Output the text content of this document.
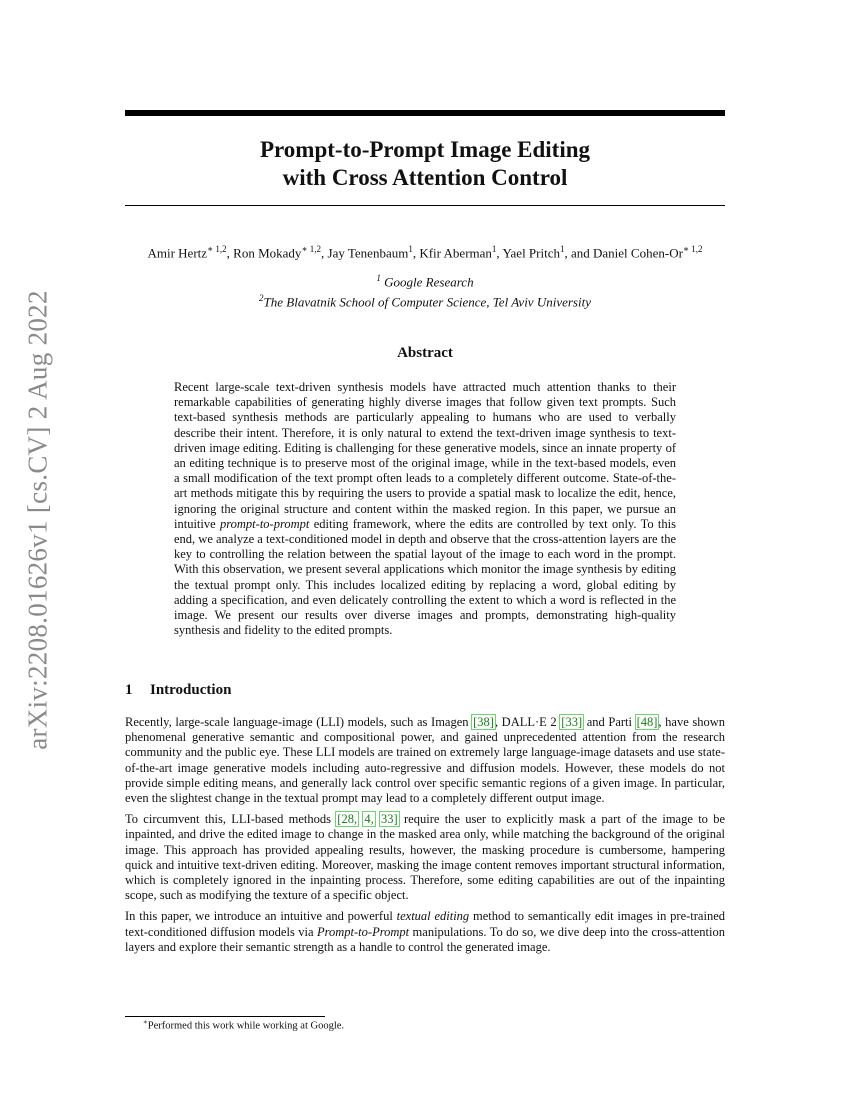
arXiv:2208.01626v1 [cs.CV] 2 Aug 2022
Prompt-to-Prompt Image Editing
with Cross Attention Control
Amir Hertz$^{∗ 1,2}$, Ron Mokady$^{∗ 1,2}$, Jay Tenenbaum$^1$, Kfir Aberman$^1$, Yael Pritch$^1$, and Daniel Cohen-$Or^{∗ 1,2}$
$^1$ Google Research
$^2$The Blavatnik School of Computer Science, Tel Aviv University
Abstract
Recent large-scale text-driven synthesis models have attracted much attention thanks to their remarkable capabilities of generating highly diverse images that follow given text prompts. Such text-based synthesis methods are particularly appealing to humans who are used to verbally describe their intent. Therefore, it is only natural to extend the text-driven image synthesis to text-driven image editing. Editing is challenging for these generative models, since an innate property of an editing technique is to preserve most of the original image, while in the text-based models, even a small modification of the text prompt often leads to a completely different outcome. State-of-the-art methods mitigate this by requiring the users to provide a spatial mask to localize the edit, hence, ignoring the original structure and content within the masked region. In this paper, we pursue an intuitive prompt-to-prompt editing framework, where the edits are controlled by text only. To this end, we analyze a text-conditioned model in depth and observe that the cross-attention layers are the key to controlling the relation between the spatial layout of the image to each word in the prompt. With this observation, we present several applications which monitor the image synthesis by editing the textual prompt only. This includes localized editing by replacing a word, global editing by adding a specification, and even delicately controlling the extent to which a word is reflected in the image. We present our results over diverse images and prompts, demonstrating high-quality synthesis and fidelity to the edited prompts.
1 Introduction

Recently, large-scale language-image (LLI) models, such as Imagen [38], DALL·E 2 [33] and Parti [48], have shown phenomenal generative semantic and compositional power, and gained unprecedented attention from the research community and the public eye. These LLI models are trained on extremely large language-image datasets and use state-of-the-art image generative models including auto-regressive and diffusion models. However, these models do not provide simple editing means, and generally lack control over specific semantic regions of a given image. In particular, even the slightest change in the textual prompt may lead to a completely different output image.

To circumvent this, LLI-based methods [28, 4, 33] require the user to explicitly mask a part of the image to be inpainted, and drive the edited image to change in the masked area only, while matching the background of the original image. This approach has provided appealing results, however, the masking procedure is cumbersome, hampering quick and intuitive text-driven editing. Moreover, masking the image content removes important structural information, which is completely ignored in the inpainting process. Therefore, some editing capabilities are out of the inpainting scope, such as modifying the texture of a specific object.

In this paper, we introduce an intuitive and powerful textual editing method to semantically edit images in pre-trained text-conditioned diffusion models via Prompt-to-Prompt manipulations. To do so, we dive deep into the cross-attention layers and explore their semantic strength as a handle to control the generated image.

∗Performed this work while working at Google.
